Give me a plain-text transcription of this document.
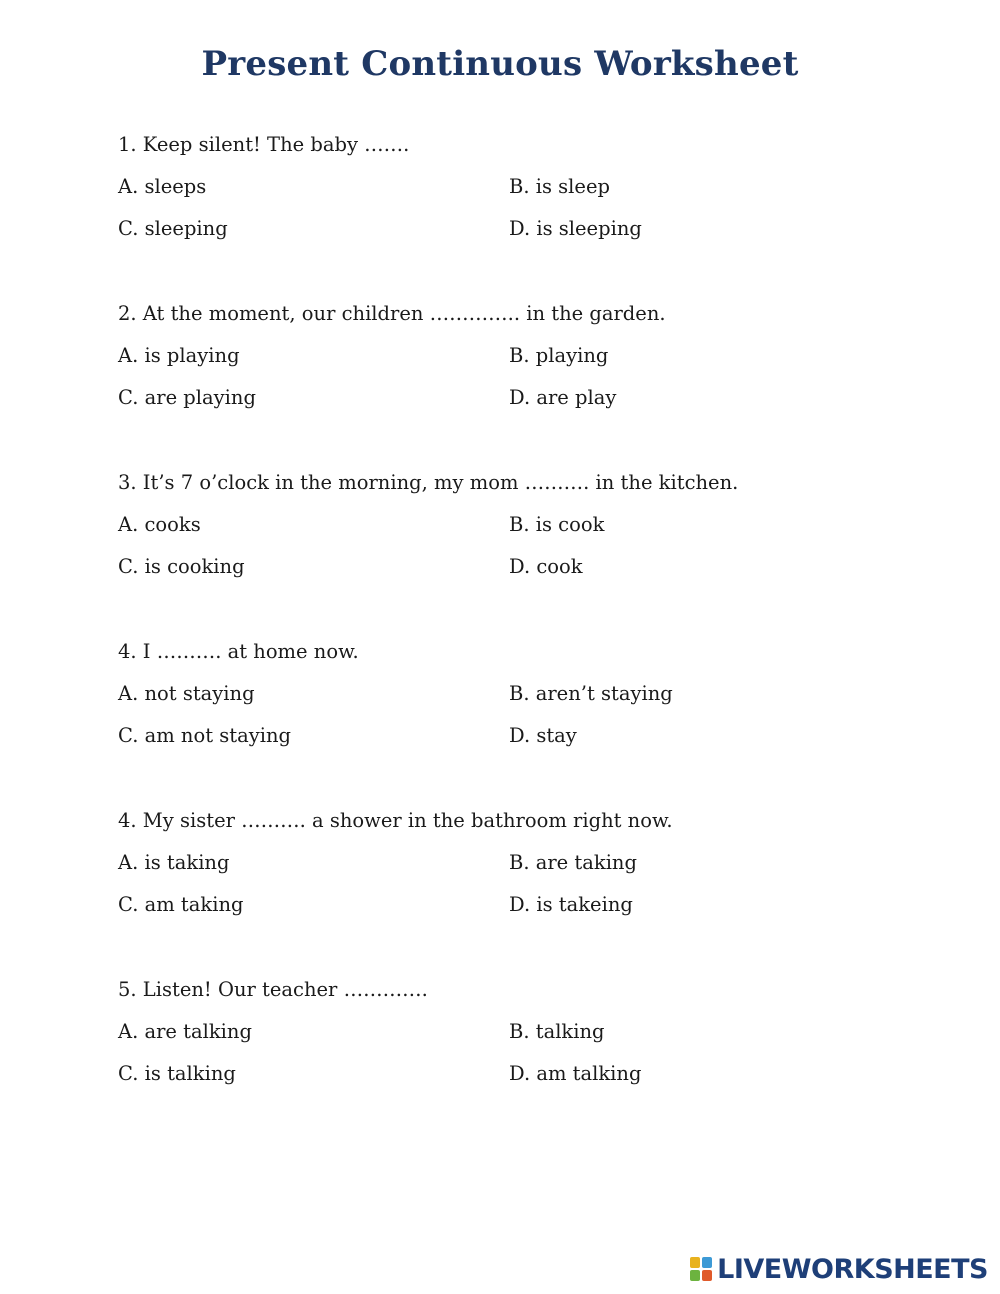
Present Continuous Worksheet
1. Keep silent! The baby …….
A. sleeps	B. is sleep
C. sleeping	D. is sleeping
2. At the moment, our children ………….. in the garden.
A. is playing	B. playing
C. are playing	D. are play
3. It’s 7 o’clock in the morning, my mom ………. in the kitchen.
A. cooks	B. is cook
C. is cooking	D. cook
4. I ………. at home now.
A. not staying	B. aren’t staying
C. am not staying	D. stay
4. My sister ………. a shower in the bathroom right now.
A. is taking	B. are taking
C. am taking	D. is takeing
5. Listen! Our teacher ………….
A. are talking	B. talking
C. is talking	D. am talking
LIVEWORKSHEETS
